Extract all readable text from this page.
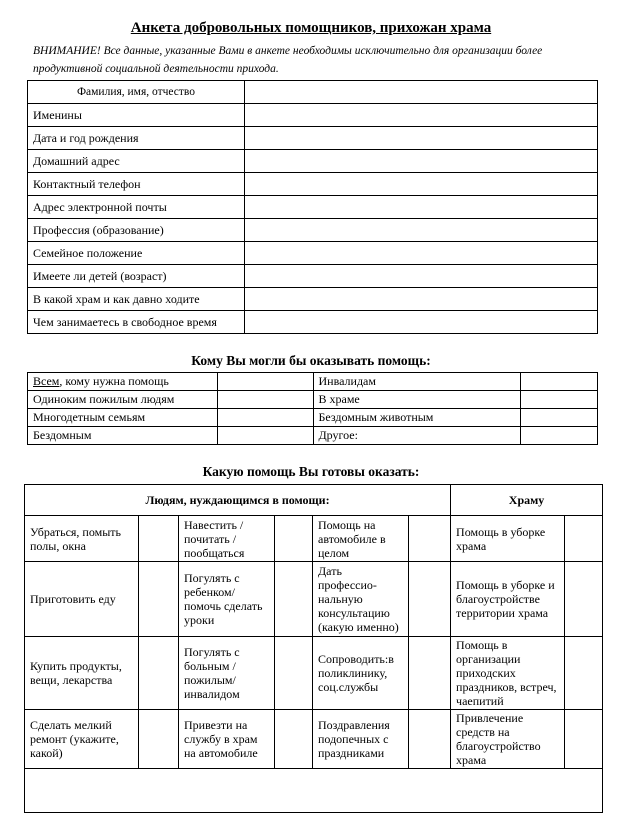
Анкета добровольных помощников, прихожан храма
ВНИМАНИЕ! Все данные, указанные Вами в анкете необходимы исключительно для организации более продуктивной социальной деятельности прихода.
Фамилия, имя, отчество	
Именины	
Дата и год рождения	
Домашний адрес	
Контактный телефон	
Адрес электронной почты	
Профессия (образование)	
Семейное положение	
Имеете ли детей (возраст)	
В какой храм и как давно ходите	
Чем занимаетесь в свободное время	
Кому Вы могли бы оказывать помощь:
Всем, кому нужна помощь		Инвалидам	
Одиноким пожилым людям		В храме	
Многодетным семьям		Бездомным животным	
Бездомным		Другое:	
Какую помощь Вы готовы оказать:
Людям, нуждающимся в помощи:						Храму	
Убраться, помыть полы, окна		Навестить / почитать / пообщаться		Помощь на автомобиле в целом		Помощь в уборке храма	
Приготовить еду		Погулять с ребенком/ помочь сделать уроки		Дать профессио-нальную консультацию (какую именно)		Помощь в уборке и благоустройстве территории храма	
Купить продукты, вещи, лекарства		Погулять с больным / пожилым/ инвалидом		Сопроводить:в поликлинику, соц.службы		Помощь в организации приходских праздников, встреч, чаепитий	
Сделать мелкий ремонт (укажите, какой)		Привезти на службу в храм на автомобиле		Поздравления подопечных с праздниками		Привлечение средств на благоустройство храма	
